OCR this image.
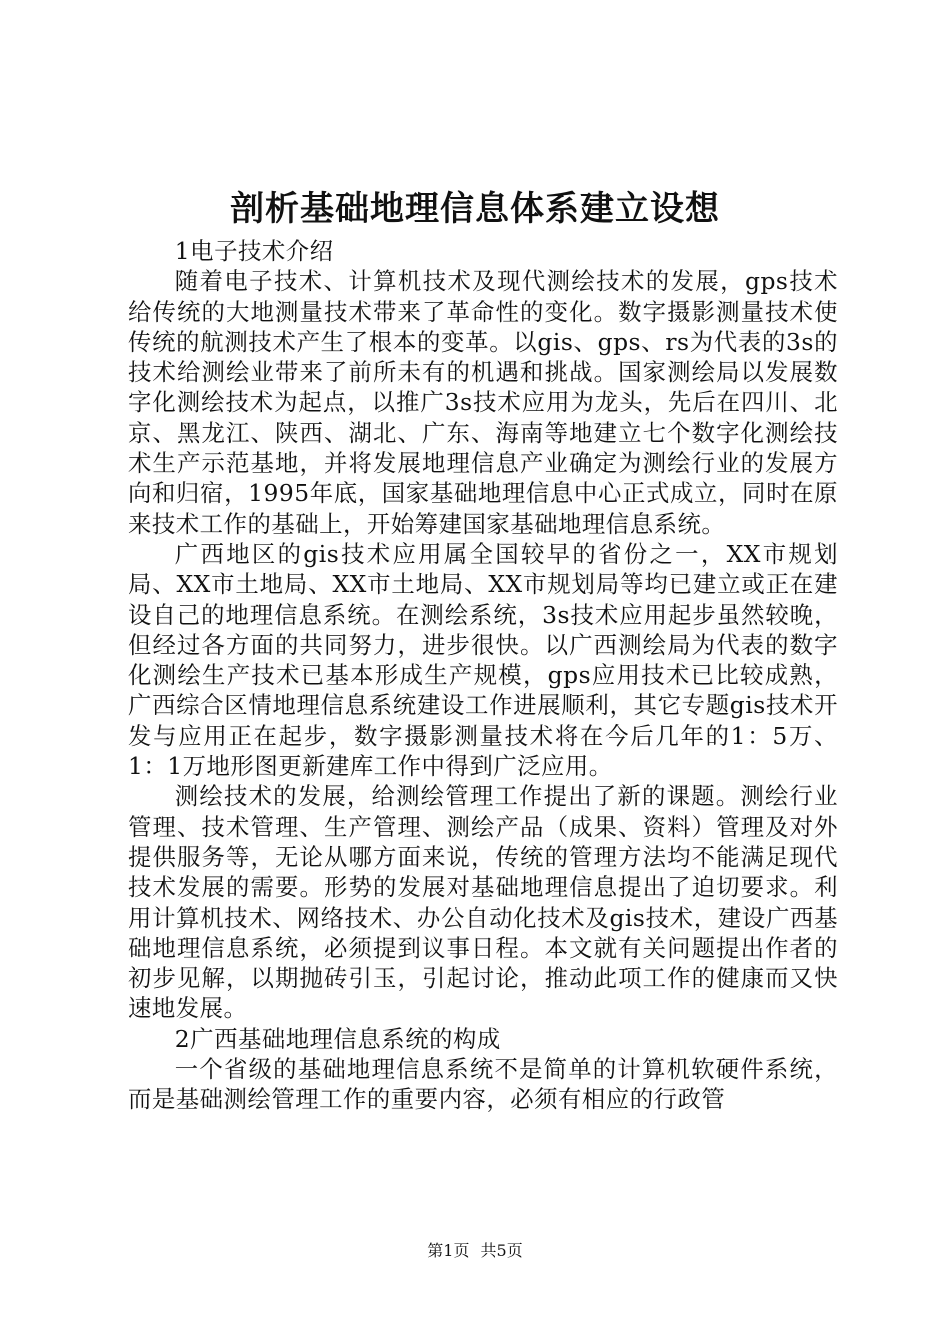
剖析基础地理信息体系建立设想

1电子技术介绍

随着电子技术、计算机技术及现代测绘技术的发展，gps技术给传统的大地测量技术带来了革命性的变化。数字摄影测量技术使传统的航测技术产生了根本的变革。以gis、gps、rs为代表的3s的技术给测绘业带来了前所未有的机遇和挑战。国家测绘局以发展数字化测绘技术为起点，以推广3s技术应用为龙头，先后在四川、北京、黑龙江、陕西、湖北、广东、海南等地建立七个数字化测绘技术生产示范基地，并将发展地理信息产业确定为测绘行业的发展方向和归宿，1995年底，国家基础地理信息中心正式成立，同时在原来技术工作的基础上，开始筹建国家基础地理信息系统。

广西地区的gis技术应用属全国较早的省份之一，XX市规划局、XX市土地局、XX市土地局、XX市规划局等均已建立或正在建设自己的地理信息系统。在测绘系统，3s技术应用起步虽然较晚，但经过各方面的共同努力，进步很快。以广西测绘局为代表的数字化测绘生产技术已基本形成生产规模，gps应用技术已比较成熟，广西综合区情地理信息系统建设工作进展顺利，其它专题gis技术开发与应用正在起步，数字摄影测量技术将在今后几年的1：5万、1：1万地形图更新建库工作中得到广泛应用。

测绘技术的发展，给测绘管理工作提出了新的课题。测绘行业管理、技术管理、生产管理、测绘产品（成果、资料）管理及对外提供服务等，无论从哪方面来说，传统的管理方法均不能满足现代技术发展的需要。形势的发展对基础地理信息提出了迫切要求。利用计算机技术、网络技术、办公自动化技术及gis技术，建设广西基础地理信息系统，必须提到议事日程。本文就有关问题提出作者的初步见解，以期抛砖引玉，引起讨论，推动此项工作的健康而又快速地发展。

2广西基础地理信息系统的构成

一个省级的基础地理信息系统不是简单的计算机软硬件系统，而是基础测绘管理工作的重要内容，必须有相应的行政管

第1页 共5页
